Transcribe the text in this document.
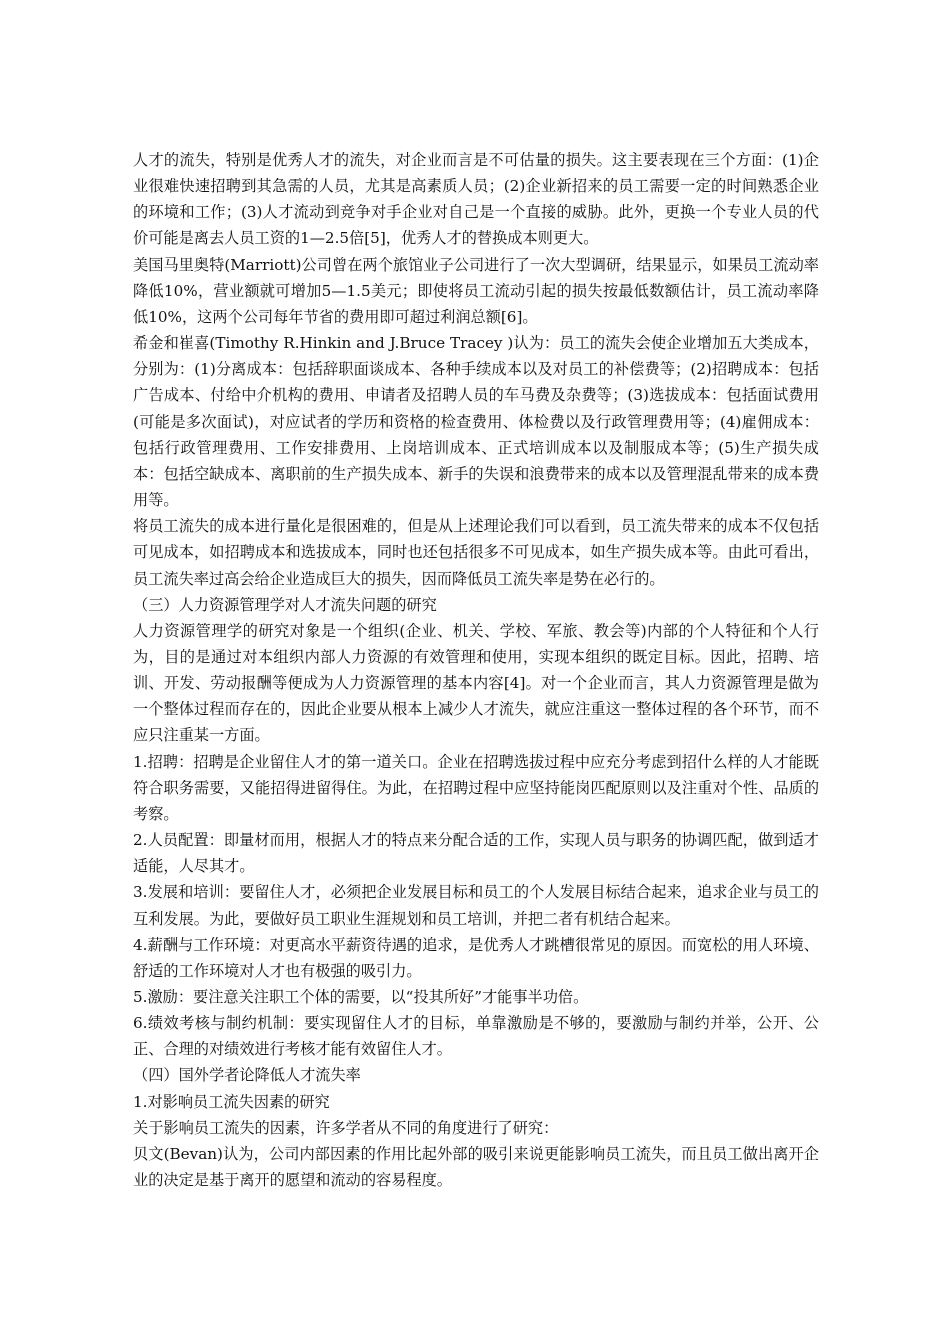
人才的流失，特别是优秀人才的流失，对企业而言是不可估量的损失。这主要表现在三个方面：(1)企业很难快速招聘到其急需的人员，尤其是高素质人员；(2)企业新招来的员工需要一定的时间熟悉企业的环境和工作；(3)人才流动到竞争对手企业对自己是一个直接的威胁。此外，更换一个专业人员的代价可能是离去人员工资的1—2.5倍[5]，优秀人才的替换成本则更大。

美国马里奥特(Marriott)公司曾在两个旅馆业子公司进行了一次大型调研，结果显示，如果员工流动率降低10%，营业额就可增加5—1.5美元；即使将员工流动引起的损失按最低数额估计，员工流动率降低10%，这两个公司每年节省的费用即可超过利润总额[6]。

希金和崔喜(Timothy R.Hinkin and J.Bruce Tracey )认为：员工的流失会使企业增加五大类成本，分别为：(1)分离成本：包括辞职面谈成本、各种手续成本以及对员工的补偿费等；(2)招聘成本：包括广告成本、付给中介机构的费用、申请者及招聘人员的车马费及杂费等；(3)选拔成本：包括面试费用(可能是多次面试)，对应试者的学历和资格的检查费用、体检费以及行政管理费用等；(4)雇佣成本：包括行政管理费用、工作安排费用、上岗培训成本、正式培训成本以及制服成本等；(5)生产损失成本：包括空缺成本、离职前的生产损失成本、新手的失误和浪费带来的成本以及管理混乱带来的成本费用等。

将员工流失的成本进行量化是很困难的，但是从上述理论我们可以看到，员工流失带来的成本不仅包括可见成本，如招聘成本和选拔成本，同时也还包括很多不可见成本，如生产损失成本等。由此可看出，员工流失率过高会给企业造成巨大的损失，因而降低员工流失率是势在必行的。

（三）人力资源管理学对人才流失问题的研究

人力资源管理学的研究对象是一个组织(企业、机关、学校、军旅、教会等)内部的个人特征和个人行为，目的是通过对本组织内部人力资源的有效管理和使用，实现本组织的既定目标。因此，招聘、培训、开发、劳动报酬等便成为人力资源管理的基本内容[4]。对一个企业而言，其人力资源管理是做为一个整体过程而存在的，因此企业要从根本上减少人才流失，就应注重这一整体过程的各个环节，而不应只注重某一方面。

1.招聘：招聘是企业留住人才的第一道关口。企业在招聘选拔过程中应充分考虑到招什么样的人才能既符合职务需要，又能招得进留得住。为此，在招聘过程中应坚持能岗匹配原则以及注重对个性、品质的考察。

2.人员配置：即量材而用，根据人才的特点来分配合适的工作，实现人员与职务的协调匹配，做到适才适能，人尽其才。

3.发展和培训：要留住人才，必须把企业发展目标和员工的个人发展目标结合起来，追求企业与员工的互利发展。为此，要做好员工职业生涯规划和员工培训，并把二者有机结合起来。

4.薪酬与工作环境：对更高水平薪资待遇的追求，是优秀人才跳槽很常见的原因。而宽松的用人环境、舒适的工作环境对人才也有极强的吸引力。

5.激励：要注意关注职工个体的需要，以“投其所好”才能事半功倍。

6.绩效考核与制约机制：要实现留住人才的目标，单靠激励是不够的，要激励与制约并举，公开、公正、合理的对绩效进行考核才能有效留住人才。

（四）国外学者论降低人才流失率

1.对影响员工流失因素的研究

关于影响员工流失的因素，许多学者从不同的角度进行了研究：

贝文(Bevan)认为，公司内部因素的作用比起外部的吸引来说更能影响员工流失，而且员工做出离开企业的决定是基于离开的愿望和流动的容易程度。
